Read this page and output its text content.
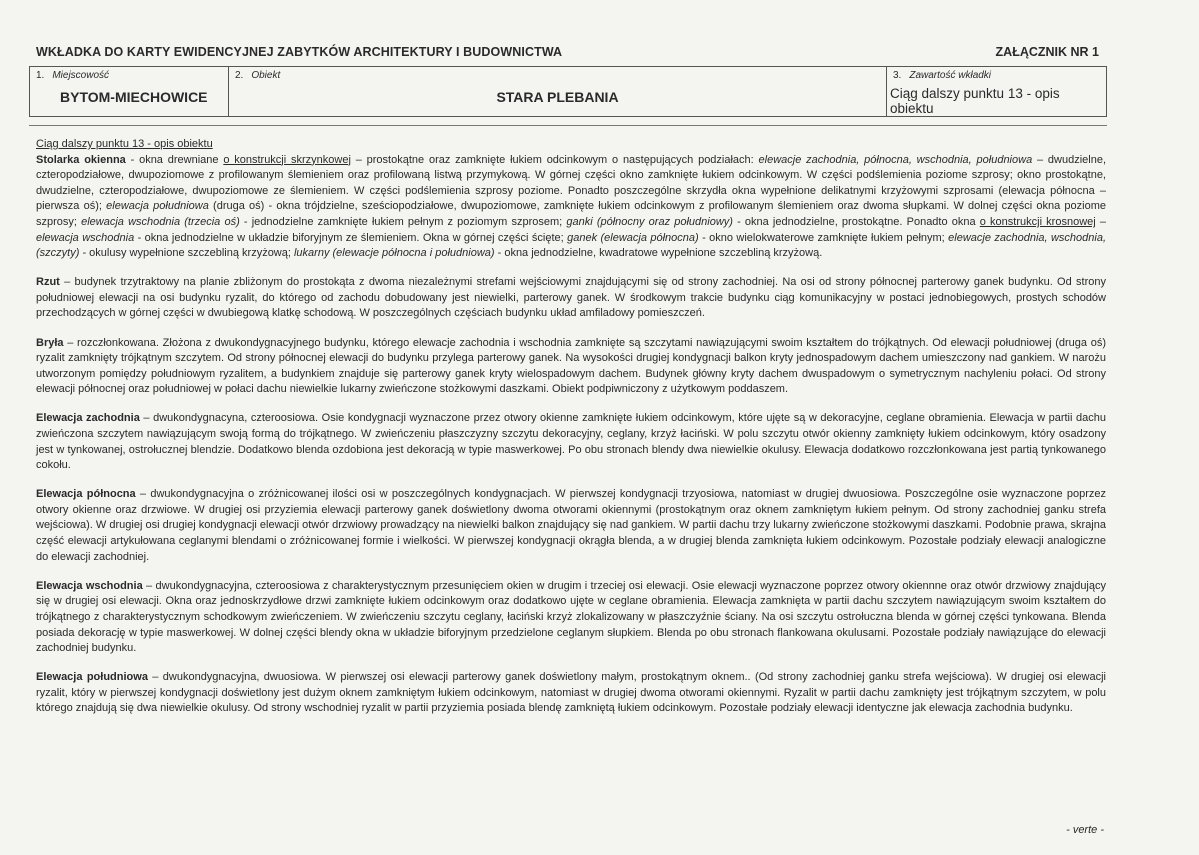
WKŁADKA DO KARTY EWIDENCYJNEJ ZABYTKÓW ARCHITEKTURY I BUDOWNICTWA	ZAŁĄCZNIK NR 1
1. Miejscowość
BYTOM-MIECHOWICE
2. Obiekt
STARA PLEBANIA
3. Zawartość wkładki
Ciąg dalszy punktu 13 - opis obiektu

Ciąg dalszy punktu 13 - opis obiektu

Stolarka okienna - okna drewniane o konstrukcji skrzynkowej – prostokątne oraz zamknięte łukiem odcinkowym o następujących podziałach: elewacje zachodnia, północna, wschodnia, południowa – dwudzielne, czteropodziałowe, dwupoziomowe z profilowanym ślemieniem oraz profilowaną listwą przymykową. W górnej części okno zamknięte łukiem odcinkowym. W części podślemienia poziome szprosy; okno prostokątne, dwudzielne, czteropodziałowe, dwupoziomowe ze ślemieniem. W części podślemienia szprosy poziome. Ponadto poszczególne skrzydła okna wypełnione delikatnymi krzyżowymi szprosami (elewacja północna – pierwsza oś); elewacja południowa (druga oś) - okna trójdzielne, sześciopodziałowe, dwupoziomowe, zamknięte łukiem odcinkowym z profilowanym ślemieniem oraz dwoma słupkami. W dolnej części okna poziome szprosy; elewacja wschodnia (trzecia oś) - jednodzielne zamknięte łukiem pełnym z poziomym szprosem; ganki (północny oraz południowy) - okna jednodzielne, prostokątne. Ponadto okna o konstrukcji krosnowej – elewacja wschodnia - okna jednodzielne w układzie biforyjnym ze ślemieniem. Okna w górnej części ścięte; ganek (elewacja północna) - okno wielokwaterowe zamknięte łukiem pełnym; elewacje zachodnia, wschodnia, (szczyty) - okulusy wypełnione szczebliną krzyżową; lukarny (elewacje północna i południowa) - okna jednodzielne, kwadratowe wypełnione szczebliną krzyżową.

Rzut – budynek trzytraktowy na planie zbliżonym do prostokąta z dwoma niezależnymi strefami wejściowymi znajdującymi się od strony zachodniej. Na osi od strony północnej parterowy ganek budynku. Od strony południowej elewacji na osi budynku ryzalit, do którego od zachodu dobudowany jest niewielki, parterowy ganek. W środkowym trakcie budynku ciąg komunikacyjny w postaci jednobiegowych, prostych schodów przechodzących w górnej części w dwubiegową klatkę schodową. W poszczególnych częściach budynku układ amfiladowy pomieszczeń.

Bryła – rozczłonkowana. Złożona z dwukondygnacyjnego budynku, którego elewacje zachodnia i wschodnia zamknięte są szczytami nawiązującymi swoim kształtem do trójkątnych. Od elewacji południowej (druga oś) ryzalit zamknięty trójkątnym szczytem. Od strony północnej elewacji do budynku przylega parterowy ganek. Na wysokości drugiej kondygnacji balkon kryty jednospadowym dachem umieszczony nad gankiem. W narożu utworzonym pomiędzy południowym ryzalitem, a budynkiem znajduje się parterowy ganek kryty wielospadowym dachem. Budynek główny kryty dachem dwuspadowym o symetrycznym nachyleniu połaci. Od strony elewacji północnej oraz południowej w połaci dachu niewielkie lukarny zwieńczone stożkowymi daszkami. Obiekt podpiwniczony z użytkowym poddaszem.

Elewacja zachodnia – dwukondygnacyna, czteroosiowa. Osie kondygnacji wyznaczone przez otwory okienne zamknięte łukiem odcinkowym, które ujęte są w dekoracyjne, ceglane obramienia. Elewacja w partii dachu zwieńczona szczytem nawiązującym swoją formą do trójkątnego. W zwieńczeniu płaszczyzny szczytu dekoracyjny, ceglany, krzyż łaciński. W polu szczytu otwór okienny zamknięty łukiem odcinkowym, który osadzony jest w tynkowanej, ostrołucznej blendzie. Dodatkowo blenda ozdobiona jest dekoracją w typie maswerkowej. Po obu stronach blendy dwa niewielkie okulusy. Elewacja dodatkowo rozczłonkowana jest partią tynkowanego cokołu.

Elewacja północna – dwukondygnacyjna o zróżnicowanej ilości osi w poszczególnych kondygnacjach. W pierwszej kondygnacji trzyosiowa, natomiast w drugiej dwuosiowa. Poszczególne osie wyznaczone poprzez otwory okienne oraz drzwiowe. W drugiej osi przyziemia elewacji parterowy ganek doświetlony dwoma otworami okiennymi (prostokątnym oraz oknem zamkniętym łukiem pełnym. Od strony zachodniej ganku strefa wejściowa). W drugiej osi drugiej kondygnacji elewacji otwór drzwiowy prowadzący na niewielki balkon znajdujący się nad gankiem. W partii dachu trzy lukarny zwieńczone stożkowymi daszkami. Podobnie prawa, skrajna część elewacji artykułowana ceglanymi blendami o zróżnicowanej formie i wielkości. W pierwszej kondygnacji okrągła blenda, a w drugiej blenda zamknięta łukiem odcinkowym. Pozostałe podziały elewacji analogiczne do elewacji zachodniej.

Elewacja wschodnia – dwukondygnacyjna, czteroosiowa z charakterystycznym przesunięciem okien w drugim i trzeciej osi elewacji. Osie elewacji wyznaczone poprzez otwory okiennne oraz otwór drzwiowy znajdujący się w drugiej osi elewacji. Okna oraz jednoskrzydłowe drzwi zamknięte łukiem odcinkowym oraz dodatkowo ujęte w ceglane obramienia. Elewacja zamknięta w partii dachu szczytem nawiązującym swoim kształtem do trójkątnego z charakterystycznym schodkowym zwieńczeniem. W zwieńczeniu szczytu ceglany, łaciński krzyż zlokalizowany w płaszczyźnie ściany. Na osi szczytu ostrołuczna blenda w górnej części tynkowana. Blenda posiada dekorację w typie maswerkowej. W dolnej części blendy okna w układzie biforyjnym przedzielone ceglanym słupkiem. Blenda po obu stronach flankowana okulusami. Pozostałe podziały nawiązujące do elewacji zachodniej budynku.

Elewacja południowa – dwukondygnacyjna, dwuosiowa. W pierwszej osi elewacji parterowy ganek doświetlony małym, prostokątnym oknem.. (Od strony zachodniej ganku strefa wejściowa). W drugiej osi elewacji ryzalit, który w pierwszej kondygnacji doświetlony jest dużym oknem zamkniętym łukiem odcinkowym, natomiast w drugiej dwoma otworami okiennymi. Ryzalit w partii dachu zamknięty jest trójkątnym szczytem, w polu którego znajdują się dwa niewielkie okulusy. Od strony wschodniej ryzalit w partii przyziemia posiada blendę zamkniętą łukiem odcinkowym. Pozostałe podziały elewacji identyczne jak elewacja zachodnia budynku.

- verte -
